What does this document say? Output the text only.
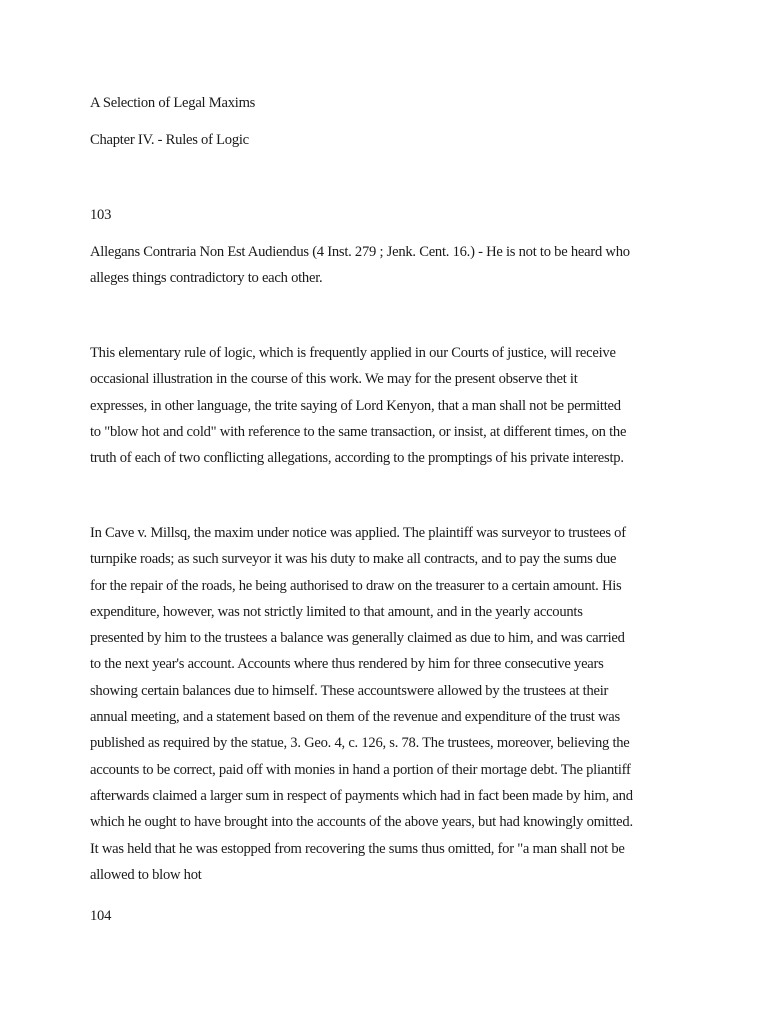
A Selection of Legal Maxims
Chapter IV. - Rules of Logic
103
Allegans Contraria Non Est Audiendus (4 Inst. 279 ; Jenk. Cent. 16.) - He is not to be heard who
alleges things contradictory to each other.
This elementary rule of logic, which is frequently applied in our Courts of justice, will receive
occasional illustration in the course of this work. We may for the present observe thet it
expresses, in other language, the trite saying of Lord Kenyon, that a man shall not be permitted
to "blow hot and cold" with reference to the same transaction, or insist, at different times, on the
truth of each of two conflicting allegations, according to the promptings of his private interestp.
In Cave v. Millsq, the maxim under notice was applied. The plaintiff was surveyor to trustees of
turnpike roads; as such surveyor it was his duty to make all contracts, and to pay the sums due
for the repair of the roads, he being authorised to draw on the treasurer to a certain amount. His
expenditure, however, was not strictly limited to that amount, and in the yearly accounts
presented by him to the trustees a balance was generally claimed as due to him, and was carried
to the next year's account. Accounts where thus rendered by him for three consecutive years
showing certain balances due to himself. These accountswere allowed by the trustees at their
annual meeting, and a statement based on them of the revenue and expenditure of the trust was
published as required by the statue, 3. Geo. 4, c. 126, s. 78. The trustees, moreover, believing the
accounts to be correct, paid off with monies in hand a portion of their mortage debt. The pliantiff
afterwards claimed a larger sum in respect of payments which had in fact been made by him, and
which he ought to have brought into the accounts of the above years, but had knowingly omitted.
It was held that he was estopped from recovering the sums thus omitted, for "a man shall not be
allowed to blow hot
104
